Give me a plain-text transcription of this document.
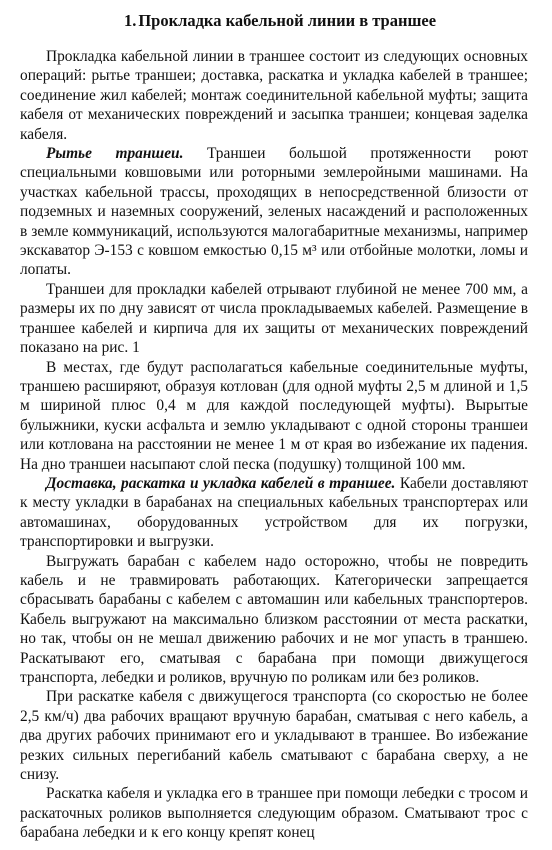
1. Прокладка кабельной линии в траншее

Прокладка кабельной линии в траншее состоит из следующих основных операций: рытье траншеи; доставка, раскатка и укладка кабелей в траншее; соединение жил кабелей; монтаж соединительной кабельной муфты; защита кабеля от механических повреждений и засыпка траншеи; концевая заделка кабеля.

Рытье траншеи. Траншеи большой протяженности роют специальными ковшовыми или роторными землеройными машинами. На участках кабельной трассы, проходящих в непосредственной близости от подземных и наземных сооружений, зеленых насаждений и расположенных в земле коммуникаций, используются малогабаритные механизмы, например экскаватор Э-153 с ковшом емкостью 0,15 м³ или отбойные молотки, ломы и лопаты.

Траншеи для прокладки кабелей отрывают глубиной не менее 700 мм, а размеры их по дну зависят от числа прокладываемых кабелей. Размещение в траншее кабелей и кирпича для их защиты от механических повреждений показано на рис. 1

В местах, где будут располагаться кабельные соединительные муфты, траншею расширяют, образуя котлован (для одной муфты 2,5 м длиной и 1,5 м шириной плюс 0,4 м для каждой последующей муфты). Вырытые булыжники, куски асфальта и землю укладывают с одной стороны траншеи или котлована на расстоянии не менее 1 м от края во избежание их падения. На дно траншеи насыпают слой песка (подушку) толщиной 100 мм.

Доставка, раскатка и укладка кабелей в траншее. Кабели доставляют к месту укладки в барабанах на специальных кабельных транспортерах или автомашинах, оборудованных устройством для их погрузки, транспортировки и выгрузки.

Выгружать барабан с кабелем надо осторожно, чтобы не повредить кабель и не травмировать работающих. Категорически запрещается сбрасывать барабаны с кабелем с автомашин или кабельных транспортеров. Кабель выгружают на максимально близком расстоянии от места раскатки, но так, чтобы он не мешал движению рабочих и не мог упасть в траншею. Раскатывают его, сматывая с барабана при помощи движущегося транспорта, лебедки и роликов, вручную по роликам или без роликов.

При раскатке кабеля с движущегося транспорта (со скоростью не более 2,5 км/ч) два рабочих вращают вручную барабан, сматывая с него кабель, а два других рабочих принимают его и укладывают в траншее. Во избежание резких сильных перегибаний кабель сматывают с барабана сверху, а не снизу.

Раскатка кабеля и укладка его в траншее при помощи лебедки с тросом и раскаточных роликов выполняется следующим образом. Сматывают трос с барабана лебедки и к его концу крепят конец
